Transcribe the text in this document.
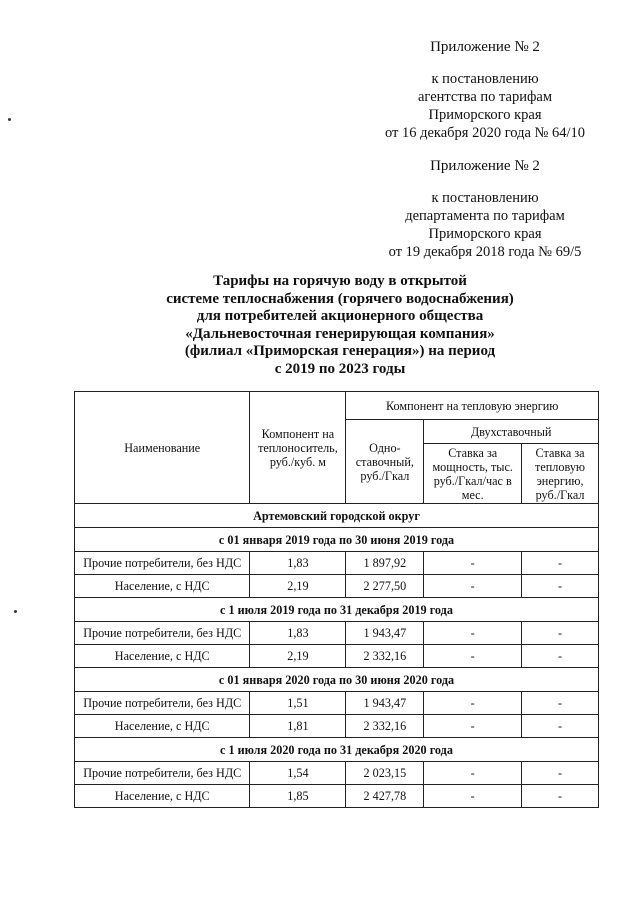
Приложение № 2
к постановлению
агентства по тарифам
Приморского края
от 16 декабря 2020 года № 64/10
Приложение № 2
к постановлению
департамента по тарифам
Приморского края
от 19 декабря 2018 года № 69/5
Тарифы на горячую воду в открытой
системе теплоснабжения (горячего водоснабжения)
для потребителей акционерного общества
«Дальневосточная генерирующая компания»
(филиал «Приморская генерация») на период
с 2019 по 2023 годы
Наименование	Компонент на теплоноситель, руб./куб. м	Компонент на тепловую энергию		
		Одно-ставочный, руб./Гкал	Двухставочный	
			Ставка за мощность, тыс. руб./Гкал/час в мес.	Ставка за тепловую энергию, руб./Гкал
Артемовский городской округ				
с 01 января 2019 года по 30 июня 2019 года				
Прочие потребители, без НДС	1,83	1 897,92	-	-
Население, с НДС	2,19	2 277,50	-	-
с 1 июля 2019 года по 31 декабря 2019 года				
Прочие потребители, без НДС	1,83	1 943,47	-	-
Население, с НДС	2,19	2 332,16	-	-
с 01 января 2020 года по 30 июня 2020 года				
Прочие потребители, без НДС	1,51	1 943,47	-	-
Население, с НДС	1,81	2 332,16	-	-
с 1 июля 2020 года по 31 декабря 2020 года				
Прочие потребители, без НДС	1,54	2 023,15	-	-
Население, с НДС	1,85	2 427,78	-	-
